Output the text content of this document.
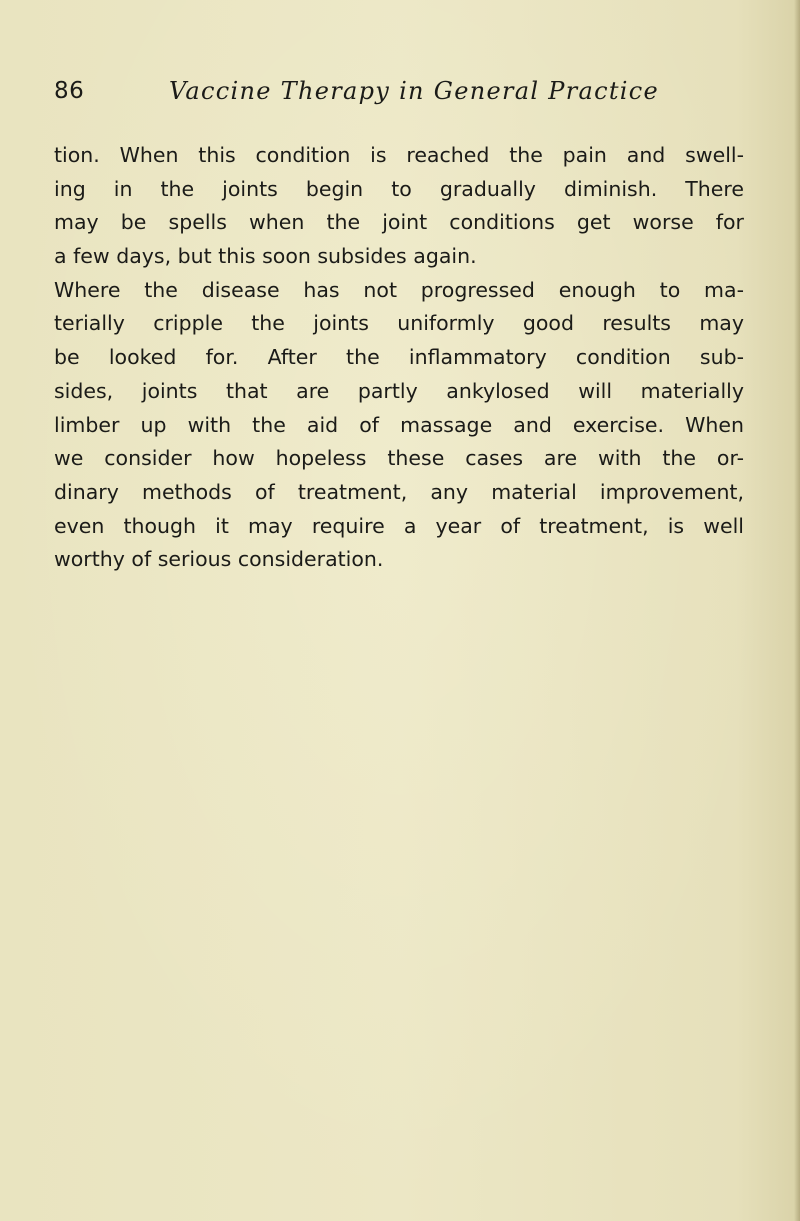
86	Vaccine Therapy in General Practice
tion. When this condition is reached the pain and swell-
ing in the joints begin to gradually diminish. There
may be spells when the joint conditions get worse for
a few days, but this soon subsides again.
Where the disease has not progressed enough to ma-
terially cripple the joints uniformly good results may
be looked for. After the inflammatory condition sub-
sides, joints that are partly ankylosed will materially
limber up with the aid of massage and exercise. When
we consider how hopeless these cases are with the or-
dinary methods of treatment, any material improvement,
even though it may require a year of treatment, is well
worthy of serious consideration.
